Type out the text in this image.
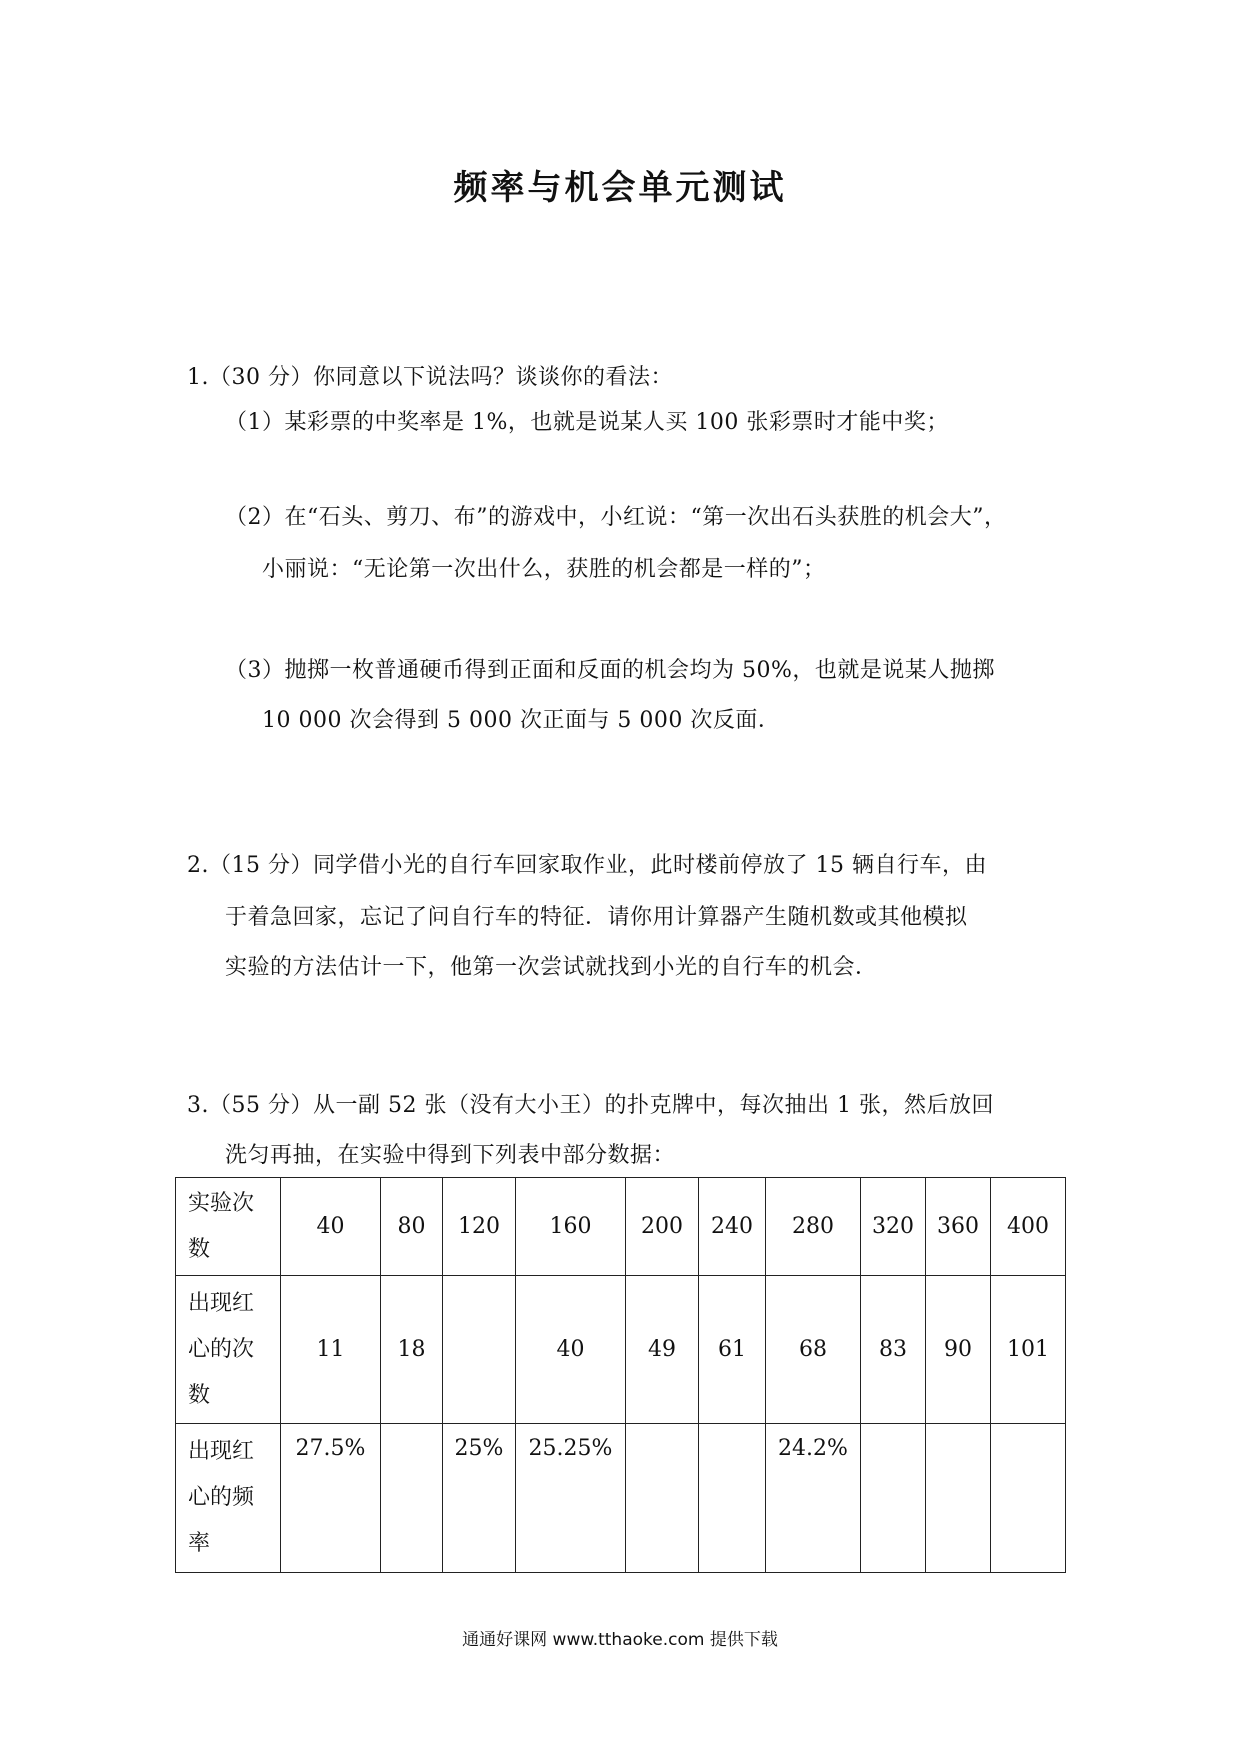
频率与机会单元测试
1.（30 分）你同意以下说法吗？谈谈你的看法：
（1）某彩票的中奖率是 1%，也就是说某人买 100 张彩票时才能中奖；
（2）在“石头、剪刀、布”的游戏中，小红说：“第一次出石头获胜的机会大”，
小丽说：“无论第一次出什么，获胜的机会都是一样的”；
（3）抛掷一枚普通硬币得到正面和反面的机会均为 50%，也就是说某人抛掷
10 000 次会得到 5 000 次正面与 5 000 次反面．
2.（15 分）同学借小光的自行车回家取作业，此时楼前停放了 15 辆自行车，由
于着急回家，忘记了问自行车的特征．请你用计算器产生随机数或其他模拟
实验的方法估计一下，他第一次尝试就找到小光的自行车的机会．
3.（55 分）从一副 52 张（没有大小王）的扑克牌中，每次抽出 1 张，然后放回
洗匀再抽，在实验中得到下列表中部分数据：
实验次
数	40	80	120	160	200	240	280	320	360	400

出现红
心的次
数	11	18		40	49	61	68	83	90	101

出现红
心的频
率	27.5%		25%	25.25%			24.2%			
通通好课网 www.tthaoke.com 提供下载
